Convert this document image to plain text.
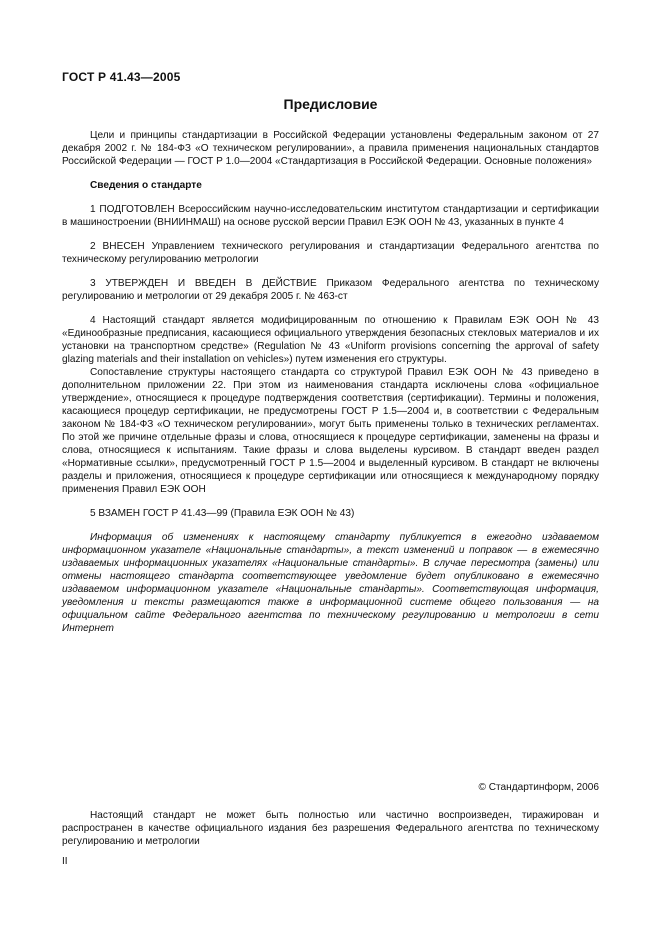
ГОСТ Р 41.43—2005
Предисловие

Цели и принципы стандартизации в Российской Федерации установлены Федеральным законом от 27 декабря 2002 г. № 184-ФЗ «О техническом регулировании», а правила применения национальных стандартов Российской Федерации — ГОСТ Р 1.0—2004 «Стандартизация в Российской Федерации. Основные положения»

Сведения о стандарте

1 ПОДГОТОВЛЕН Всероссийским научно-исследовательским институтом стандартизации и сертификации в машиностроении (ВНИИНМАШ) на основе русской версии Правил ЕЭК ООН № 43, указанных в пункте 4

2 ВНЕСЕН Управлением технического регулирования и стандартизации Федерального агентства по техническому регулированию метрологии

3 УТВЕРЖДЕН И ВВЕДЕН В ДЕЙСТВИЕ Приказом Федерального агентства по техническому регулированию и метрологии от 29 декабря 2005 г. № 463-ст

4 Настоящий стандарт является модифицированным по отношению к Правилам ЕЭК ООН № 43 «Единообразные предписания, касающиеся официального утверждения безопасных стекловых материалов и их установки на транспортном средстве» (Regulation № 43 «Uniform provisions concerning the approval of safety glazing materials and their installation on vehicles») путем изменения его структуры.

Сопоставление структуры настоящего стандарта со структурой Правил ЕЭК ООН № 43 приведено в дополнительном приложении 22. При этом из наименования стандарта исключены слова «официальное утверждение», относящиеся к процедуре подтверждения соответствия (сертификации). Термины и положения, касающиеся процедур сертификации, не предусмотрены ГОСТ Р 1.5—2004 и, в соответствии с Федеральным законом № 184-ФЗ «О техническом регулировании», могут быть применены только в технических регламентах. По этой же причине отдельные фразы и слова, относящиеся к процедуре сертификации, заменены на фразы и слова, относящиеся к испытаниям. Такие фразы и слова выделены курсивом. В стандарт введен раздел «Нормативные ссылки», предусмотренный ГОСТ Р 1.5—2004 и выделенный курсивом. В стандарт не включены разделы и приложения, относящиеся к процедуре сертификации или относящиеся к международному порядку применения Правил ЕЭК ООН

5 ВЗАМЕН ГОСТ Р 41.43—99 (Правила ЕЭК ООН № 43)

Информация об изменениях к настоящему стандарту публикуется в ежегодно издаваемом информационном указателе «Национальные стандарты», а текст изменений и поправок — в ежемесячно издаваемых информационных указателях «Национальные стандарты». В случае пересмотра (замены) или отмены настоящего стандарта соответствующее уведомление будет опубликовано в ежемесячно издаваемом информационном указателе «Национальные стандарты». Соответствующая информация, уведомления и тексты размещаются также в информационной системе общего пользования — на официальном сайте Федерального агентства по техническому регулированию и метрологии в сети Интернет

© Стандартинформ, 2006

Настоящий стандарт не может быть полностью или частично воспроизведен, тиражирован и распространен в качестве официального издания без разрешения Федерального агентства по техническому регулированию и метрологии

II
